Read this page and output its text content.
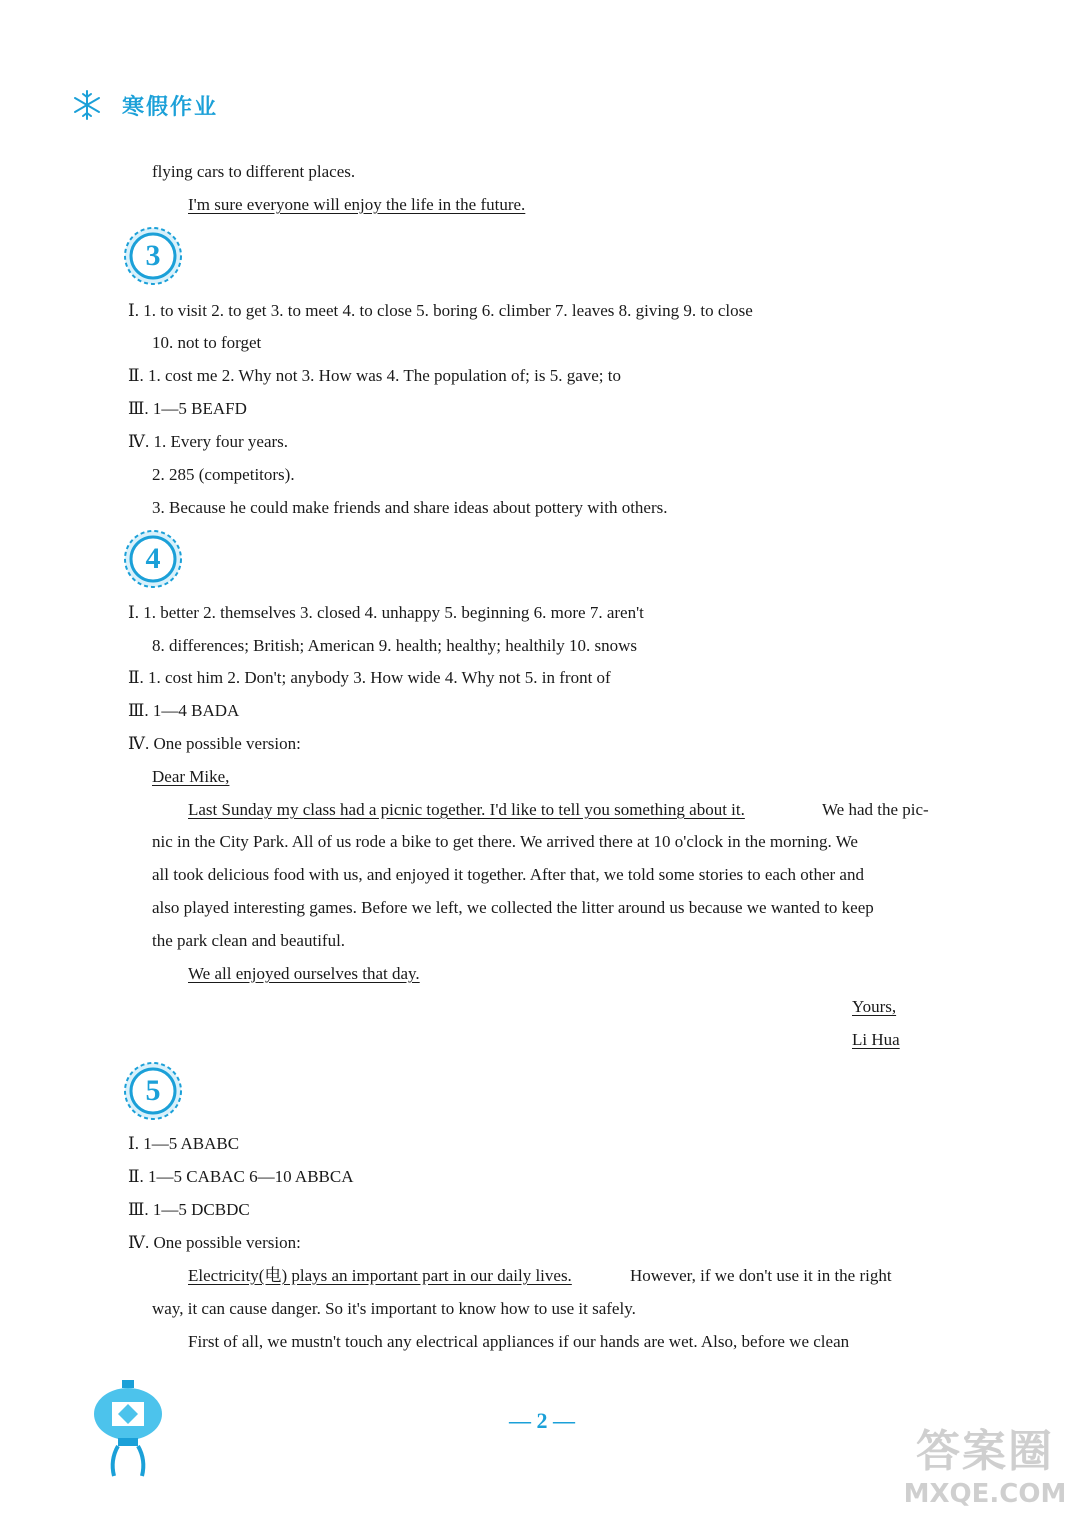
寒假作业
flying cars to different places.
I'm sure everyone will enjoy the life in the future.
3
Ⅰ. 1. to visit 2. to get 3. to meet 4. to close 5. boring 6. climber 7. leaves 8. giving 9. to close
10. not to forget
Ⅱ. 1. cost me 2. Why not 3. How was 4. The population of; is 5. gave; to
Ⅲ. 1—5 BEAFD
Ⅳ. 1. Every four years.
2. 285 (competitors).
3. Because he could make friends and share ideas about pottery with others.
4
Ⅰ. 1. better 2. themselves 3. closed 4. unhappy 5. beginning 6. more 7. aren't
8. differences; British; American 9. health; healthy; healthily 10. snows
Ⅱ. 1. cost him 2. Don't; anybody 3. How wide 4. Why not 5. in front of
Ⅲ. 1—4 BADA
Ⅳ. One possible version:
Dear Mike,
Last Sunday my class had a picnic together. I'd like to tell you something about it.	We had the pic-
nic in the City Park. All of us rode a bike to get there. We arrived there at 10 o'clock in the morning. We
all took delicious food with us, and enjoyed it together. After that, we told some stories to each other and
also played interesting games. Before we left, we collected the litter around us because we wanted to keep
the park clean and beautiful.
We all enjoyed ourselves that day.
Yours,
Li Hua
5
Ⅰ. 1—5 ABABC
Ⅱ. 1—5 CABAC 6—10 ABBCA
Ⅲ. 1—5 DCBDC
Ⅳ. One possible version:
Electricity(电) plays an important part in our daily lives.	However, if we don't use it in the right
way, it can cause danger. So it's important to know how to use it safely.
First of all, we mustn't touch any electrical appliances if our hands are wet. Also, before we clean
— 2 —
答案圈
MXQE.COM
